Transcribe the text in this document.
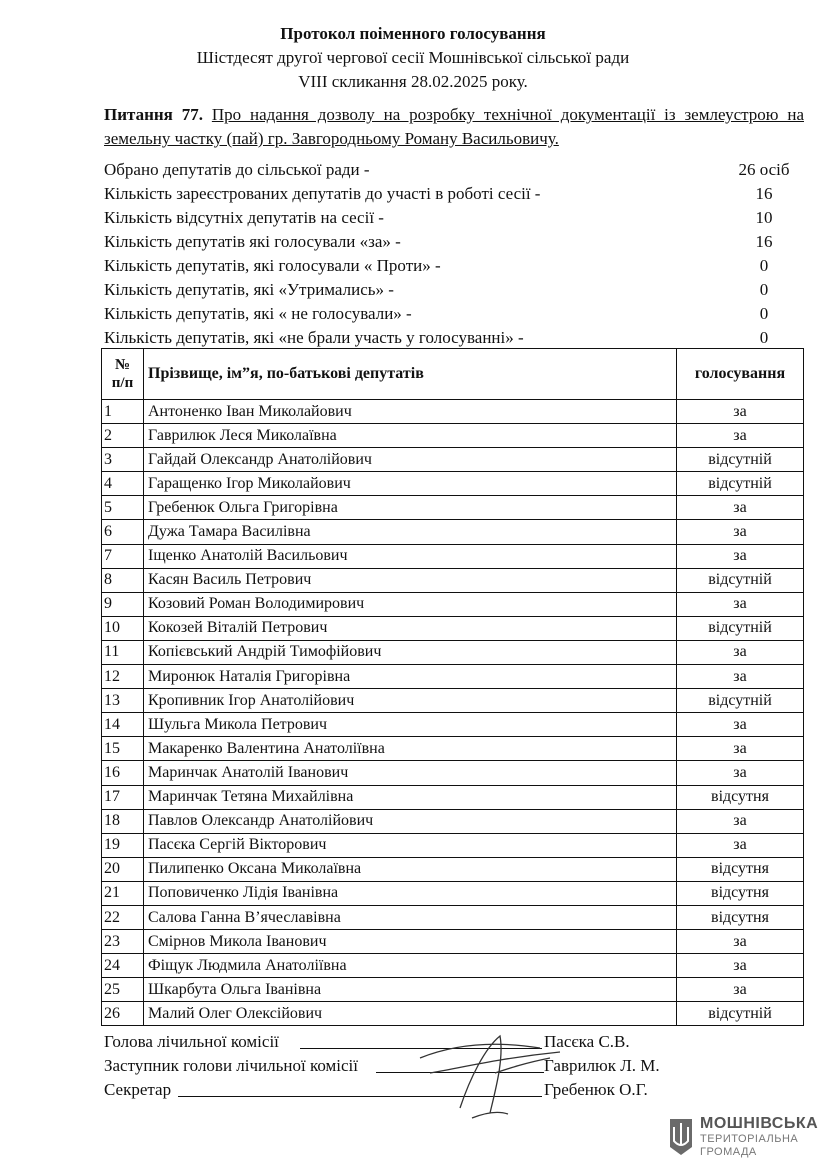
Протокол поіменного голосування
Шістдесят другої чергової сесії Мошнівської сільської ради
VIII скликання 28.02.2025 року.
Питання 77. Про надання дозволу на розробку технічної документації із землеустрою на земельну частку (пай) гр. Завгородньому Роману Васильовичу.
Обрано депутатів до сільської ради -	26 осіб
Кількість зареєстрованих депутатів до участі в роботі сесії -	16
Кількість відсутніх депутатів на сесії -	10
Кількість депутатів які голосували «за» -	16
Кількість депутатів, які голосували « Проти» -	0
Кількість депутатів, які «Утримались» -	0
Кількість депутатів, які « не голосували» -	0
Кількість депутатів, які «не брали участь у голосуванні» -	0
№
п/п	Прізвище, ім”я, по-батькові депутатів	голосування
1	Антоненко Іван Миколайович	за
2	Гаврилюк Леся Миколаївна	за
3	Гайдай Олександр Анатолійович	відсутній
4	Гаращенко Ігор Миколайович	відсутній
5	Гребенюк Ольга Григорівна	за
6	Дужа Тамара Василівна	за
7	Іщенко Анатолій Васильович	за
8	Касян Василь Петрович	відсутній
9	Козовий Роман Володимирович	за
10	Кокозей Віталій Петрович	відсутній
11	Копієвський Андрій Тимофійович	за
12	Миронюк Наталія Григорівна	за
13	Кропивник Ігор Анатолійович	відсутній
14	Шульга Микола Петрович	за
15	Макаренко Валентина Анатоліївна	за
16	Маринчак Анатолій Іванович	за
17	Маринчак Тетяна Михайлівна	відсутня
18	Павлов Олександр Анатолійович	за
19	Пасєка Сергій Вікторович	за
20	Пилипенко Оксана Миколаївна	відсутня
21	Поповиченко Лідія Іванівна	відсутня
22	Салова Ганна В’ячеславівна	відсутня
23	Смірнов Микола Іванович	за
24	Фіщук Людмила Анатоліївна	за
25	Шкарбута Ольга Іванівна	за
26	Малий Олег Олексійович	відсутній
Голова лічильної комісії	Пасєка С.В.
Заступник голови лічильної комісії	Гаврилюк Л. М.
Секретар	Гребенюк О.Г.
МОШНІВСЬКА
ТЕРИТОРІАЛЬНА
ГРОМАДА
